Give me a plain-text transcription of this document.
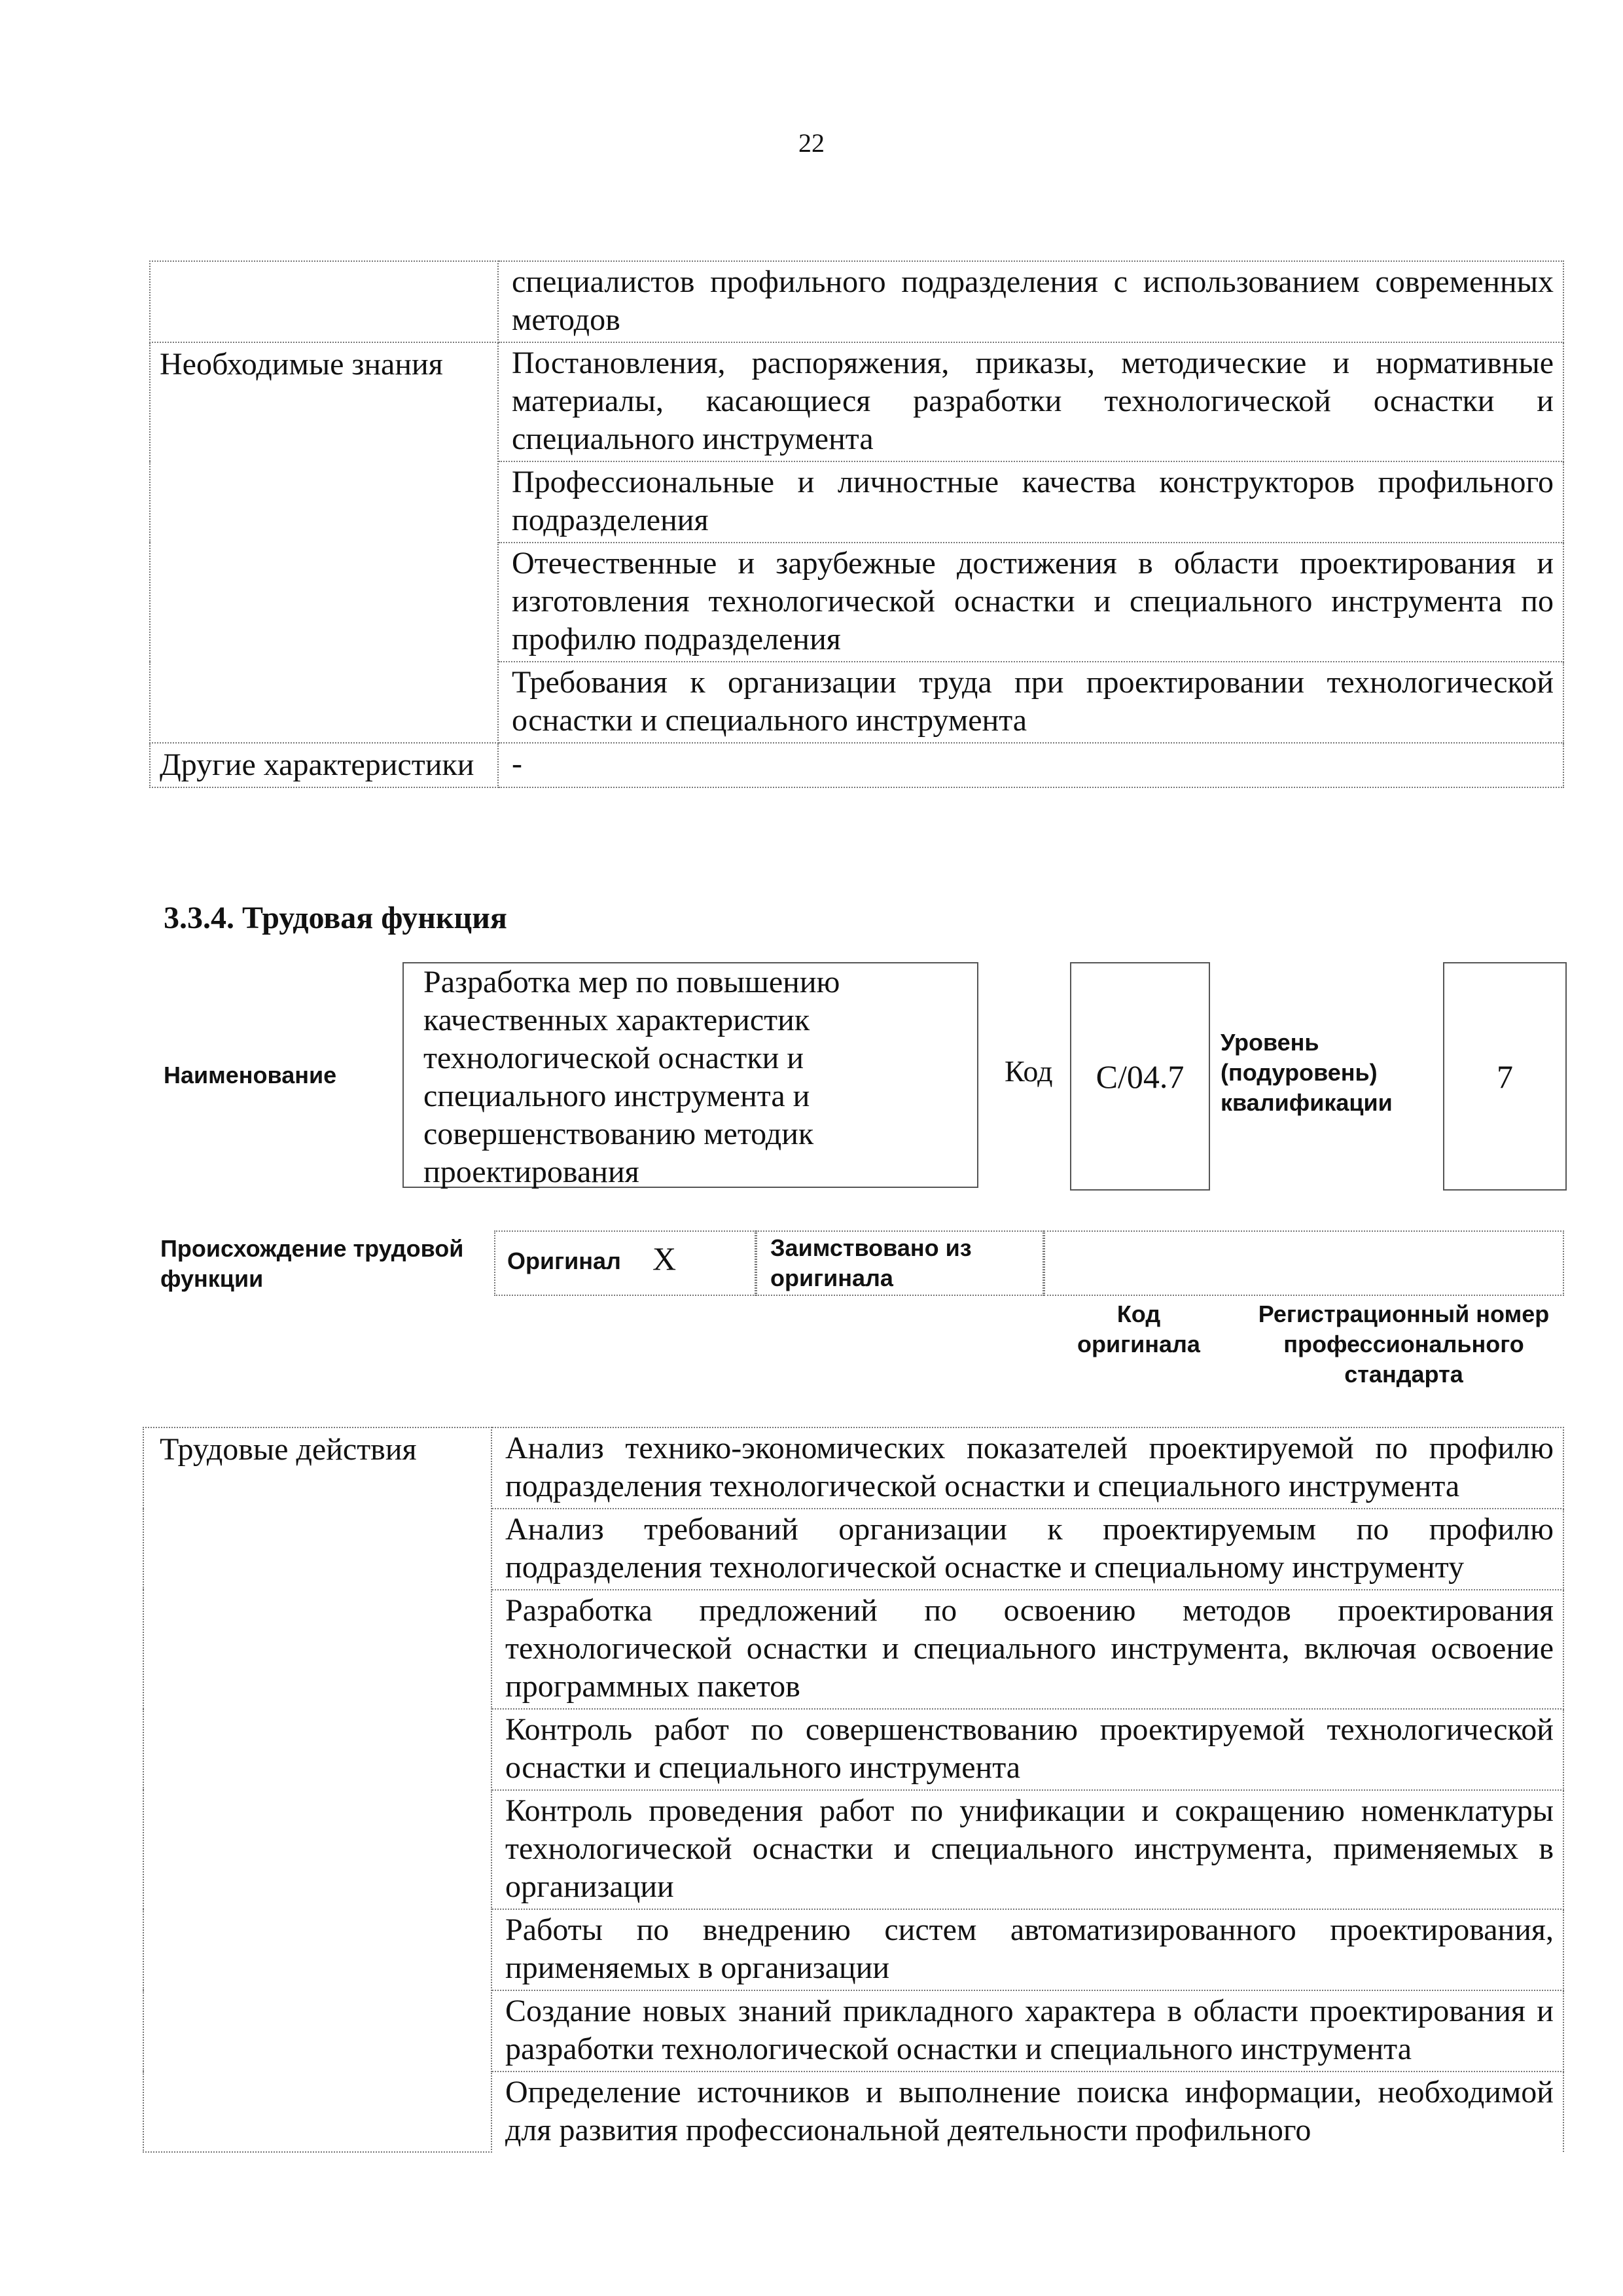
22
	специалистов профильного подразделения с использованием современных методов
Необходимые знания	Постановления, распоряжения, приказы, методические и нормативные материалы, касающиеся разработки технологической оснастки и специального инструмента
	Профессиональные и личностные качества конструкторов профильного подразделения
	Отечественные и зарубежные достижения в области проектирования и изготовления технологической оснастки и специального инструмента по профилю подразделения
	Требования к организации труда при проектировании технологической оснастки и специального инструмента
Другие характеристики	-
3.3.4. Трудовая функция
Наименование
Разработка мер по повышению качественных характеристик технологической оснастки и специального инструмента и совершенствованию методик проектирования
Код С/04.7
Уровень (подуровень) квалификации
7
Происхождение трудовой функции
Оригинал Х	Заимствовано из оригинала
Код оригинала
Регистрационный номер профессионального стандарта
Трудовые действия	Анализ технико-экономических показателей проектируемой по профилю подразделения технологической оснастки и специального инструмента
Анализ требований организации к проектируемым по профилю подразделения технологической оснастке и специальному инструменту
Разработка предложений по освоению методов проектирования технологической оснастки и специального инструмента, включая освоение программных пакетов
Контроль работ по совершенствованию проектируемой технологической оснастки и специального инструмента
Контроль проведения работ по унификации и сокращению номенклатуры технологической оснастки и специального инструмента, применяемых в организации
Работы по внедрению систем автоматизированного проектирования, применяемых в организации
Создание новых знаний прикладного характера в области проектирования и разработки технологической оснастки и специального инструмента
Определение источников и выполнение поиска информации, необходимой для развития профессиональной деятельности профильного
